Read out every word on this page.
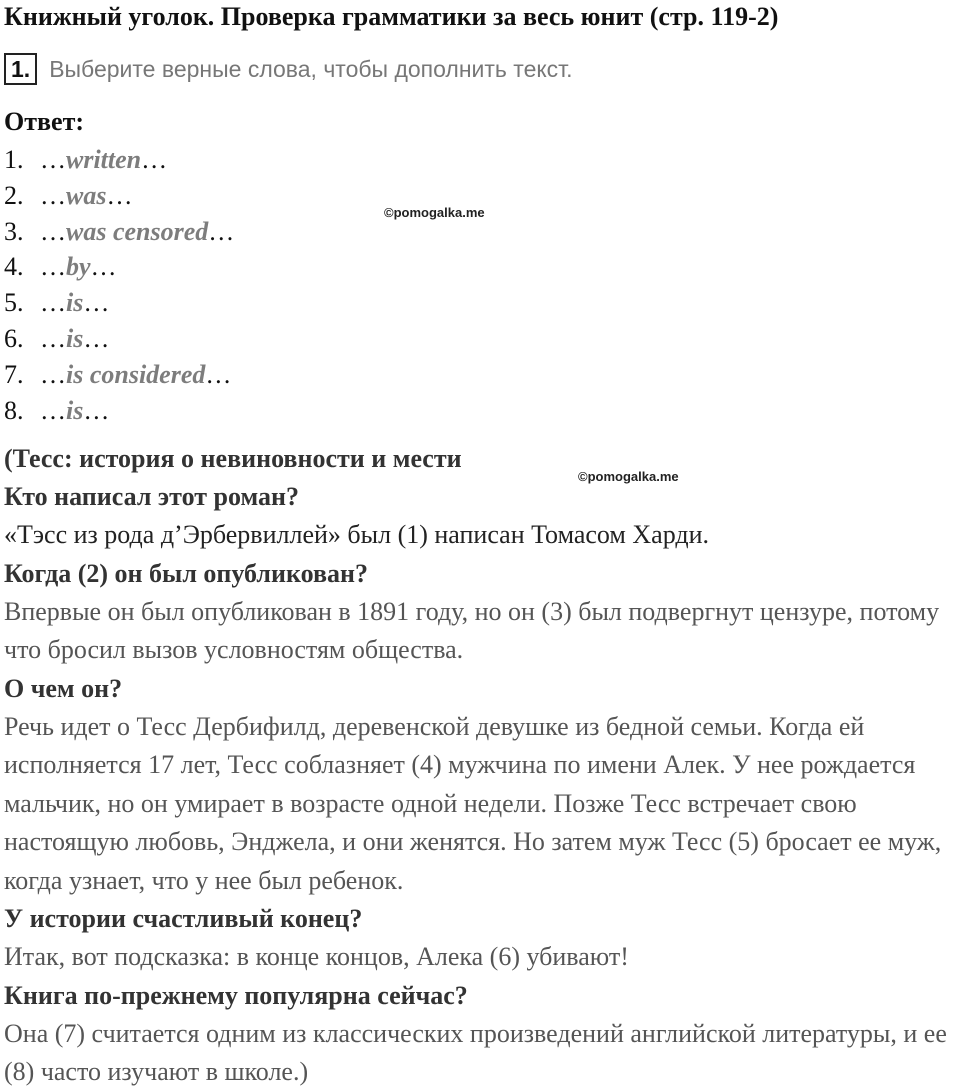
Книжный уголок. Проверка грамматики за весь юнит (стр. 119-2)
1. Выберите верные слова, чтобы дополнить текст.
Ответ:
1. …written…
2. …was…
3. …was censored…
4. …by…
5. …is…
6. …is…
7. …is considered…
8. …is…
©pomogalka.me
©pomogalka.me
(Тесс: история о невиновности и мести
Кто написал этот роман?
«Тэсс из рода д’Эрбервиллей» был (1) написан Томасом Харди.
Когда (2) он был опубликован?
Впервые он был опубликован в 1891 году, но он (3) был подвергнут цензуре, потому что бросил вызов условностям общества.
О чем он?
Речь идет о Тесс Дербифилд, деревенской девушке из бедной семьи. Когда ей исполняется 17 лет, Тесс соблазняет (4) мужчина по имени Алек. У нее рождается мальчик, но он умирает в возрасте одной недели. Позже Тесс встречает свою настоящую любовь, Энджела, и они женятся. Но затем муж Тесс (5) бросает ее муж, когда узнает, что у нее был ребенок.
У истории счастливый конец?
Итак, вот подсказка: в конце концов, Алека (6) убивают!
Книга по-прежнему популярна сейчас?
Она (7) считается одним из классических произведений английской литературы, и ее (8) часто изучают в школе.)
